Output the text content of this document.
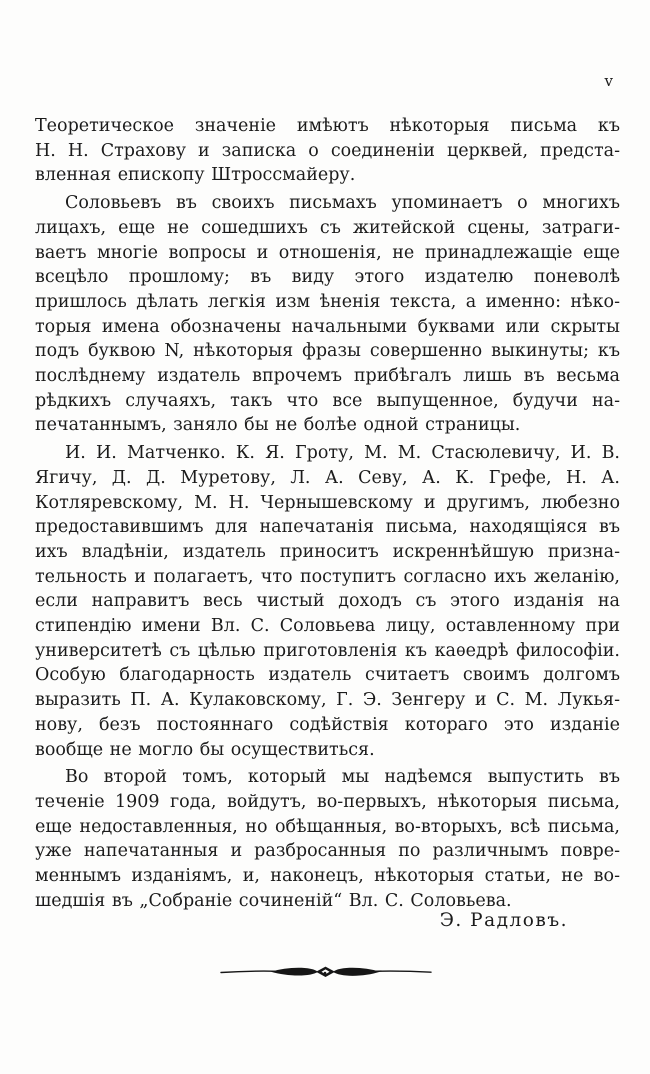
v
Теоретическое значеніе имѣютъ нѣкоторыя письма къ
Н. Н. Страхову и записка о соединеніи церквей, предста-
вленная епископу Штроссмайеру.
Соловьевъ въ своихъ письмахъ упоминаетъ о многихъ
лицахъ, еще не сошедшихъ съ житейской сцены, затраги-
ваетъ многіе вопросы и отношенія, не принадлежащіе еще
всецѣло прошлому; въ виду этого издателю поневолѣ
пришлось дѣлать легкія изм ѣненія текста, а именно: нѣко-
торыя имена обозначены начальными буквами или скрыты
подъ буквою N, нѣкоторыя фразы совершенно выкинуты; къ
послѣднему издатель впрочемъ прибѣгалъ лишь въ весьма
рѣдкихъ случаяхъ, такъ что все выпущенное, будучи на-
печатаннымъ, заняло бы не болѣе одной страницы.
И. И. Матченко. К. Я. Гроту, М. М. Стасюлевичу, И. В.
Ягичу, Д. Д. Муретову, Л. А. Севу, А. К. Грефе, Н. А.
Котляревскому, М. Н. Чернышевскому и другимъ, любезно
предоставившимъ для напечатанія письма, находящіяся въ
ихъ владѣніи, издатель приноситъ искреннѣйшую призна-
тельность и полагаетъ, что поступитъ согласно ихъ желанію,
если направитъ весь чистый доходъ съ этого изданія на
стипендію имени Вл. С. Соловьева лицу, оставленному при
университетѣ съ цѣлью приготовленія къ каѳедрѣ философіи.
Особую благодарность издатель считаетъ своимъ долгомъ
выразить П. А. Кулаковскому, Г. Э. Зенгеру и С. М. Лукья-
нову, безъ постояннаго содѣйствія котораго это изданіе
вообще не могло бы осуществиться.
Во второй томъ, который мы надѣемся выпустить въ
теченіе 1909 года, войдутъ, во-первыхъ, нѣкоторыя письма,
еще недоставленныя, но обѣщанныя, во-вторыхъ, всѣ письма,
уже напечатанныя и разбросанныя по различнымъ повре-
меннымъ изданіямъ, и, наконецъ, нѣкоторыя статьи, не во-
шедшія въ „Собраніе сочиненій“ Вл. С. Соловьева.
Э. Радловъ.
